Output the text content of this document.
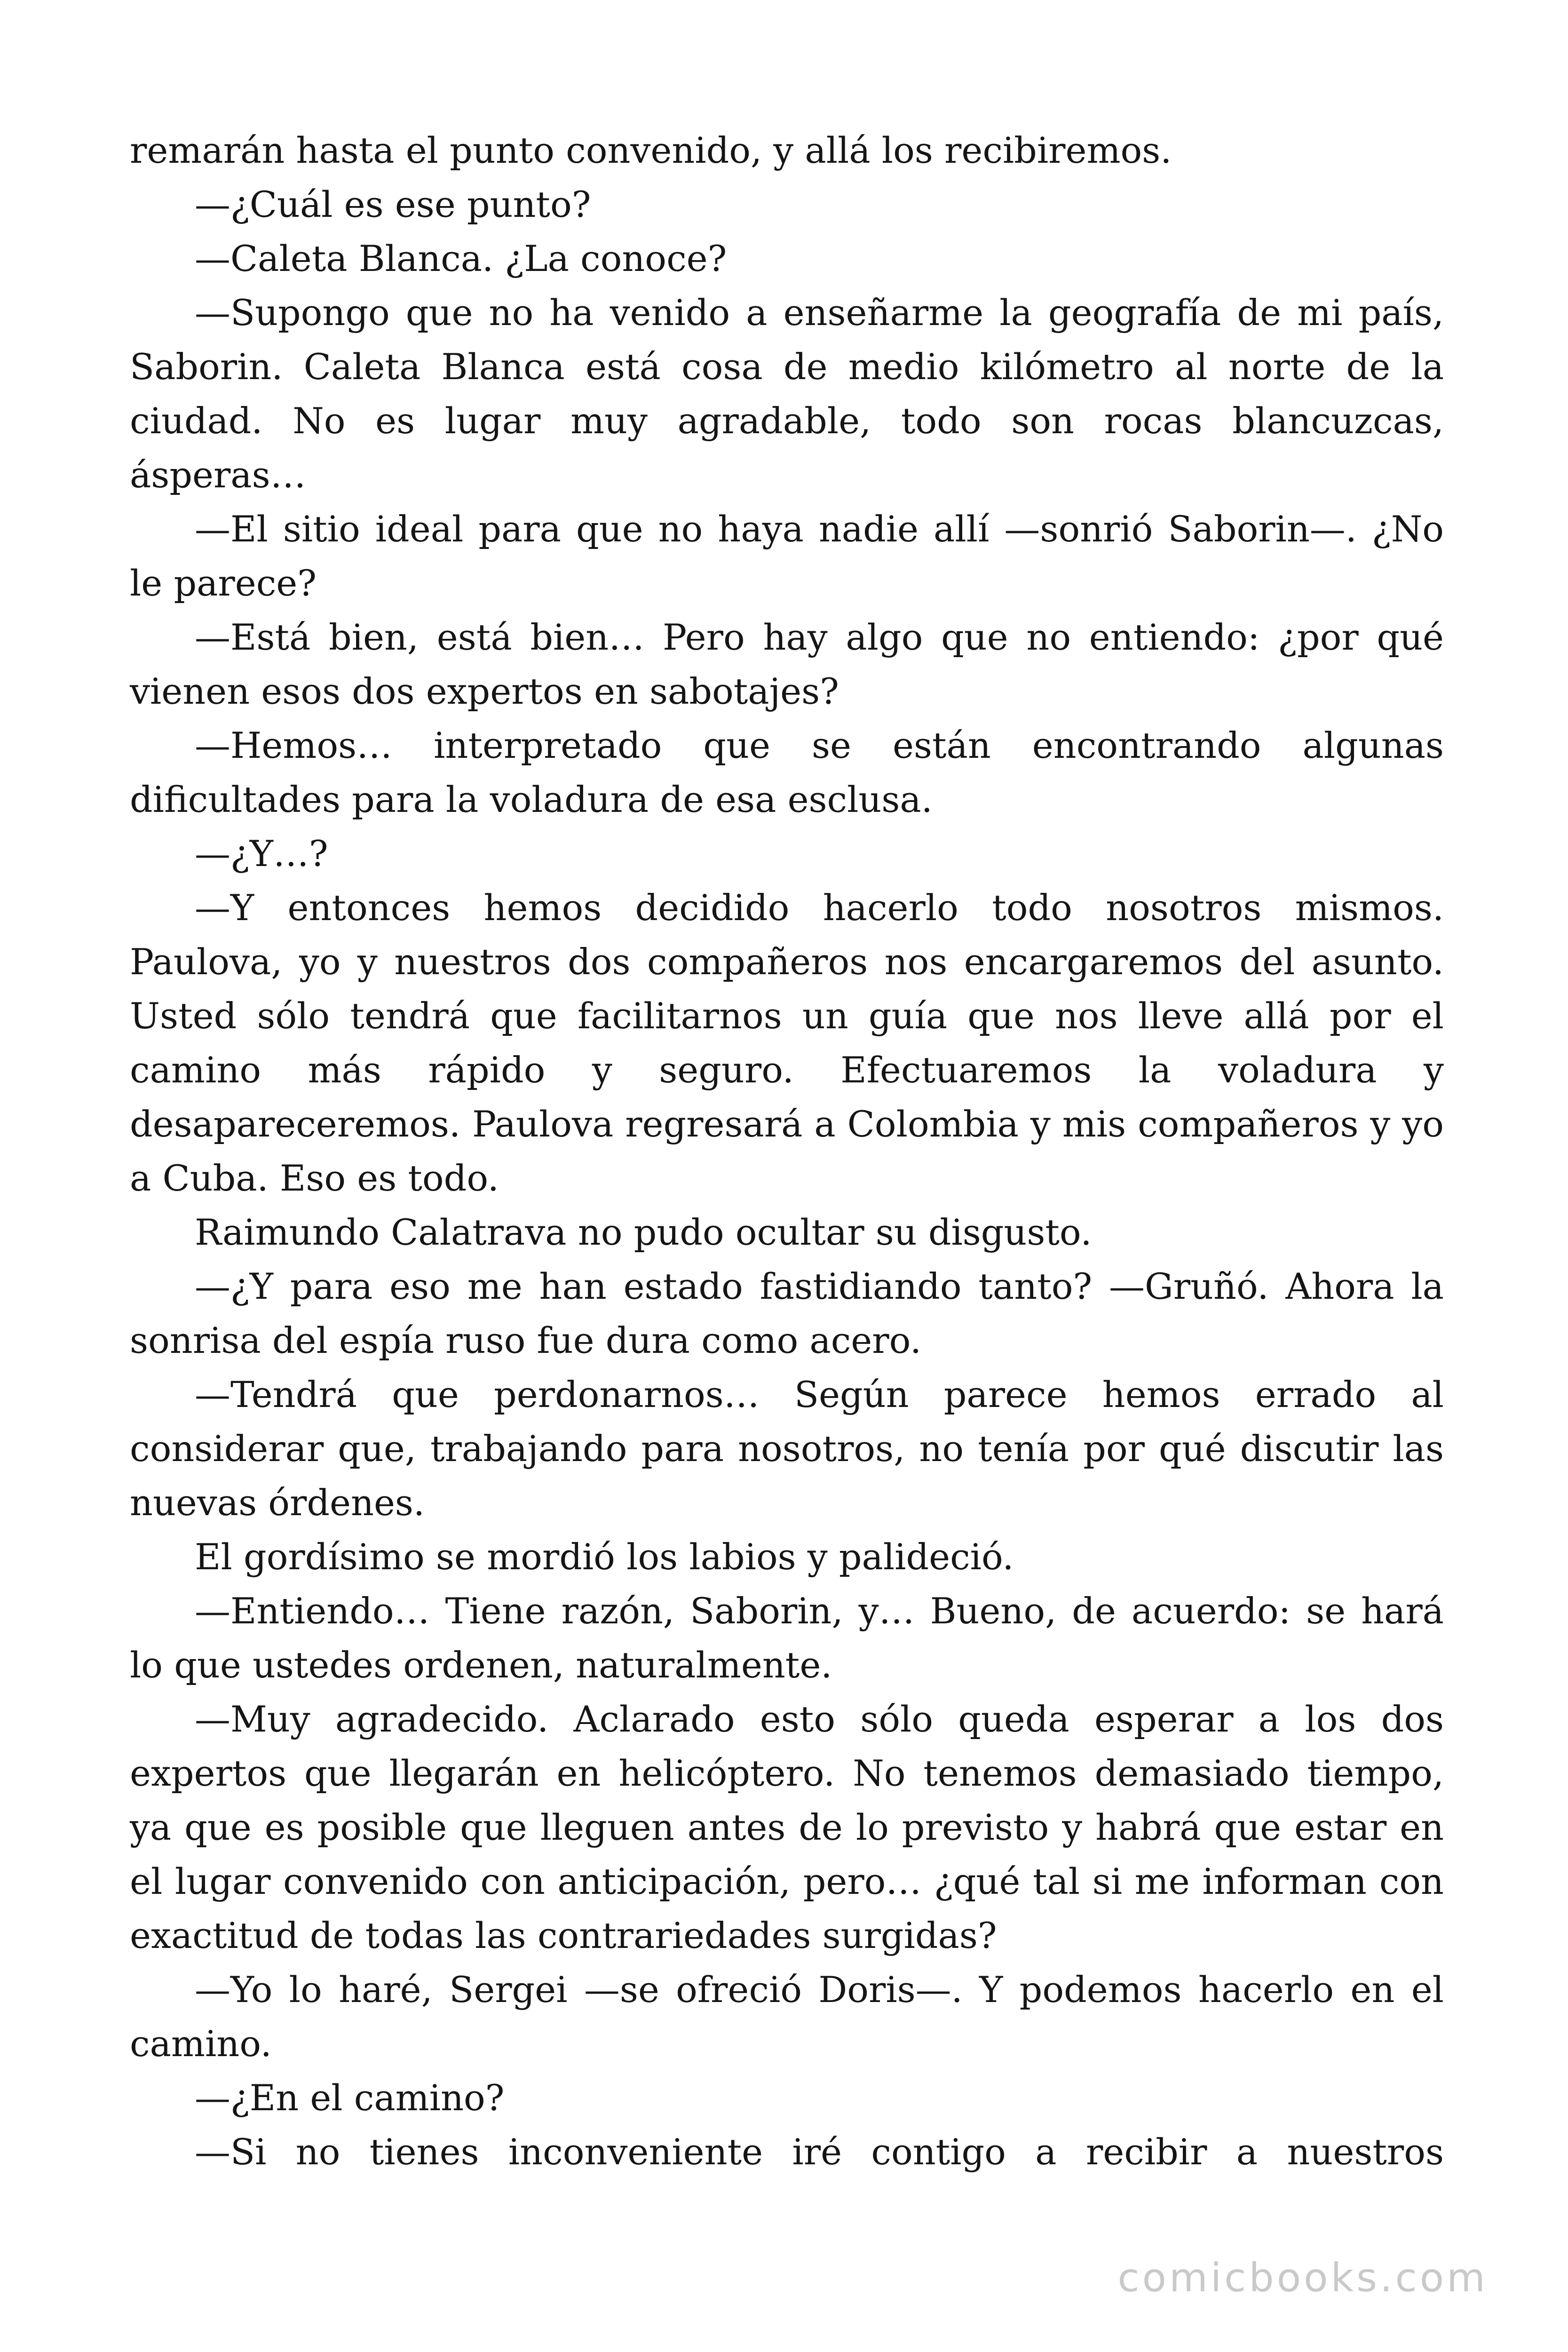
remarán hasta el punto convenido, y allá los recibiremos.

—¿Cuál es ese punto?

—Caleta Blanca. ¿La conoce?

—Supongo que no ha venido a enseñarme la geografía de mi país, Saborin. Caleta Blanca está cosa de medio kilómetro al norte de la ciudad. No es lugar muy agradable, todo son rocas blancuzcas, ásperas…

—El sitio ideal para que no haya nadie allí —sonrió Saborin—. ¿No le parece?

—Está bien, está bien… Pero hay algo que no entiendo: ¿por qué vienen esos dos expertos en sabotajes?

—Hemos… interpretado que se están encontrando algunas dificultades para la voladura de esa esclusa.

—¿Y…?

—Y entonces hemos decidido hacerlo todo nosotros mismos. Paulova, yo y nuestros dos compañeros nos encargaremos del asunto. Usted sólo tendrá que facilitarnos un guía que nos lleve allá por el camino más rápido y seguro. Efectuaremos la voladura y desapareceremos. Paulova regresará a Colombia y mis compañeros y yo a Cuba. Eso es todo.

Raimundo Calatrava no pudo ocultar su disgusto.

—¿Y para eso me han estado fastidiando tanto? —Gruñó. Ahora la sonrisa del espía ruso fue dura como acero.

—Tendrá que perdonarnos… Según parece hemos errado al considerar que, trabajando para nosotros, no tenía por qué discutir las nuevas órdenes.

El gordísimo se mordió los labios y palideció.

—Entiendo… Tiene razón, Saborin, y… Bueno, de acuerdo: se hará lo que ustedes ordenen, naturalmente.

—Muy agradecido. Aclarado esto sólo queda esperar a los dos expertos que llegarán en helicóptero. No tenemos demasiado tiempo, ya que es posible que lleguen antes de lo previsto y habrá que estar en el lugar convenido con anticipación, pero… ¿qué tal si me informan con exactitud de todas las contrariedades surgidas?

—Yo lo haré, Sergei —se ofreció Doris—. Y podemos hacerlo en el camino.

—¿En el camino?

—Si no tienes inconveniente iré contigo a recibir a nuestros

comicbooks.com
